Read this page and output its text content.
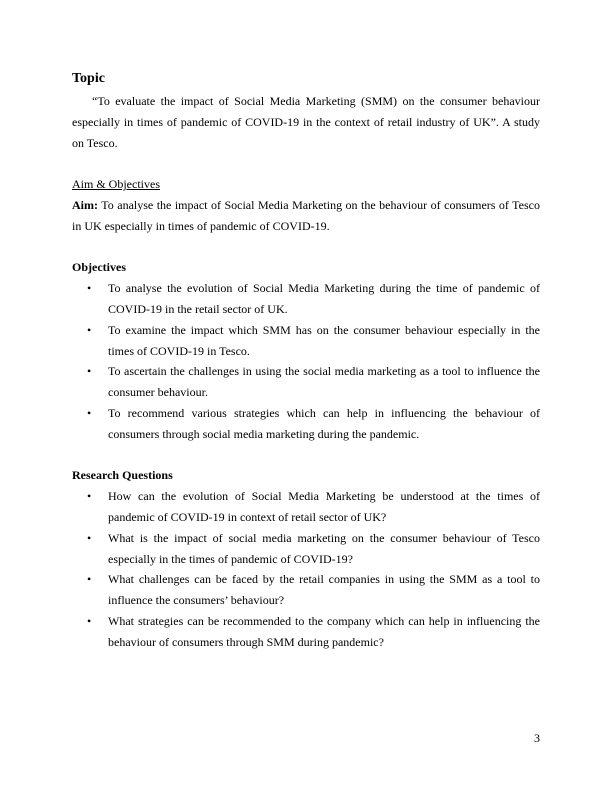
Topic

“To evaluate the impact of Social Media Marketing (SMM) on the consumer behaviour especially in times of pandemic of COVID-19 in the context of retail industry of UK”. A study on Tesco.

Aim & Objectives

Aim: To analyse the impact of Social Media Marketing on the behaviour of consumers of Tesco in UK especially in times of pandemic of COVID-19.

Objectives

• To analyse the evolution of Social Media Marketing during the time of pandemic of COVID-19 in the retail sector of UK.
• To examine the impact which SMM has on the consumer behaviour especially in the times of COVID-19 in Tesco.
• To ascertain the challenges in using the social media marketing as a tool to influence the consumer behaviour.
• To recommend various strategies which can help in influencing the behaviour of consumers through social media marketing during the pandemic.

Research Questions

• How can the evolution of Social Media Marketing be understood at the times of pandemic of COVID-19 in context of retail sector of UK?
• What is the impact of social media marketing on the consumer behaviour of Tesco especially in the times of pandemic of COVID-19?
• What challenges can be faced by the retail companies in using the SMM as a tool to influence the consumers’ behaviour?
• What strategies can be recommended to the company which can help in influencing the behaviour of consumers through SMM during pandemic?
3
